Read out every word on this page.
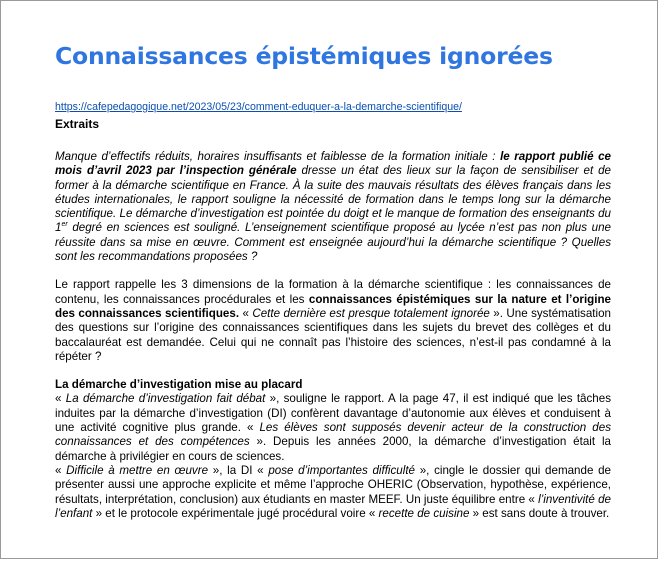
Connaissances épistémiques ignorées
https://cafepedagogique.net/2023/05/23/comment-eduquer-a-la-demarche-scientifique/
Extraits

Manque d’effectifs réduits, horaires insuffisants et faiblesse de la formation initiale : le rapport publié ce mois d’avril 2023 par l’inspection générale dresse un état des lieux sur la façon de sensibiliser et de former à la démarche scientifique en France. À la suite des mauvais résultats des élèves français dans les études internationales, le rapport souligne la nécessité de formation dans le temps long sur la démarche scientifique. Le démarche d’investigation est pointée du doigt et le manque de formation des enseignants du 1er degré en sciences est souligné. L’enseignement scientifique proposé au lycée n’est pas non plus une réussite dans sa mise en œuvre. Comment est enseignée aujourd’hui la démarche scientifique ? Quelles sont les recommandations proposées ?

Le rapport rappelle les 3 dimensions de la formation à la démarche scientifique : les connaissances de contenu, les connaissances procédurales et les connaissances épistémiques sur la nature et l’origine des connaissances scientifiques. « Cette dernière est presque totalement ignorée ». Une systématisation des questions sur l’origine des connaissances scientifiques dans les sujets du brevet des collèges et du baccalauréat est demandée. Celui qui ne connaît pas l’histoire des sciences, n’est-il pas condamné à la répéter ?

La démarche d’investigation mise au placard

« La démarche d’investigation fait débat », souligne le rapport. A la page 47, il est indiqué que les tâches induites par la démarche d’investigation (DI) confèrent davantage d’autonomie aux élèves et conduisent à une activité cognitive plus grande. « Les élèves sont supposés devenir acteur de la construction des connaissances et des compétences ». Depuis les années 2000, la démarche d’investigation était la démarche à privilégier en cours de sciences.

« Difficile à mettre en œuvre », la DI « pose d’importantes difficulté », cingle le dossier qui demande de présenter aussi une approche explicite et même l’approche OHERIC (Observation, hypothèse, expérience, résultats, interprétation, conclusion) aux étudiants en master MEEF. Un juste équilibre entre « l’inventivité de l’enfant » et le protocole expérimentale jugé procédural voire « recette de cuisine » est sans doute à trouver.
